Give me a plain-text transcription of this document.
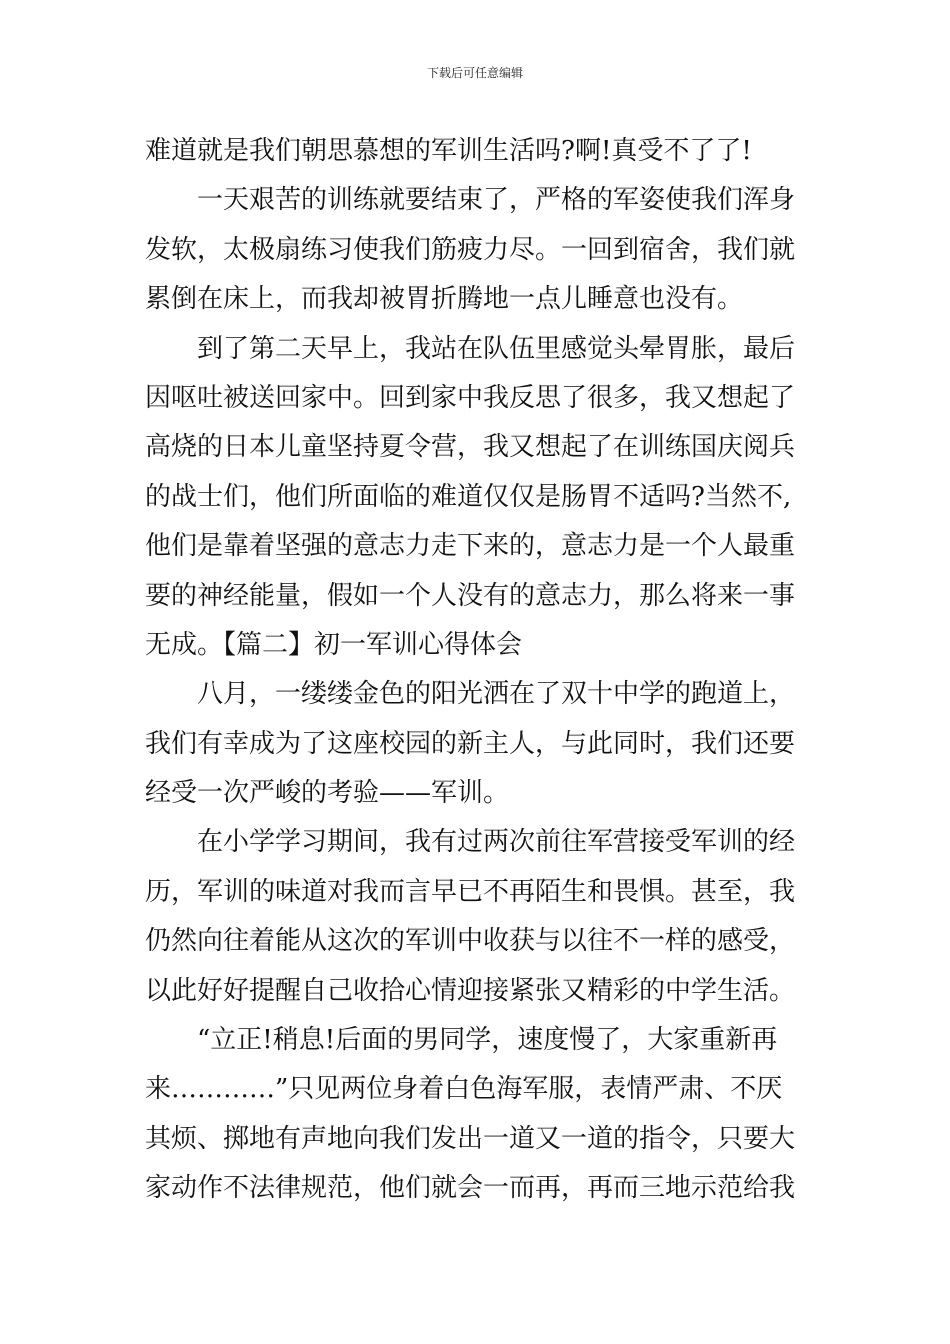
下载后可任意编辑
难道就是我们朝思慕想的军训生活吗?啊!真受不了了!
　　一天艰苦的训练就要结束了，严格的军姿使我们浑身
发软，太极扇练习使我们筋疲力尽。一回到宿舍，我们就
累倒在床上，而我却被胃折腾地一点儿睡意也没有。
　　到了第二天早上，我站在队伍里感觉头晕胃胀，最后
因呕吐被送回家中。回到家中我反思了很多，我又想起了
高烧的日本儿童坚持夏令营，我又想起了在训练国庆阅兵
的战士们，他们所面临的难道仅仅是肠胃不适吗?当然不,
他们是靠着坚强的意志力走下来的，意志力是一个人最重
要的神经能量，假如一个人没有的意志力，那么将来一事
无成。【篇二】初一军训心得体会
　　八月，一缕缕金色的阳光洒在了双十中学的跑道上，
我们有幸成为了这座校园的新主人，与此同时，我们还要
经受一次严峻的考验——军训。
　　在小学学习期间，我有过两次前往军营接受军训的经
历，军训的味道对我而言早已不再陌生和畏惧。甚至，我
仍然向往着能从这次的军训中收获与以往不一样的感受，
以此好好提醒自己收拾心情迎接紧张又精彩的中学生活。
　　“立正!稍息!后面的男同学，速度慢了，大家重新再
来…………”只见两位身着白色海军服，表情严肃、不厌
其烦、掷地有声地向我们发出一道又一道的指令，只要大
家动作不法律规范，他们就会一而再，再而三地示范给我
